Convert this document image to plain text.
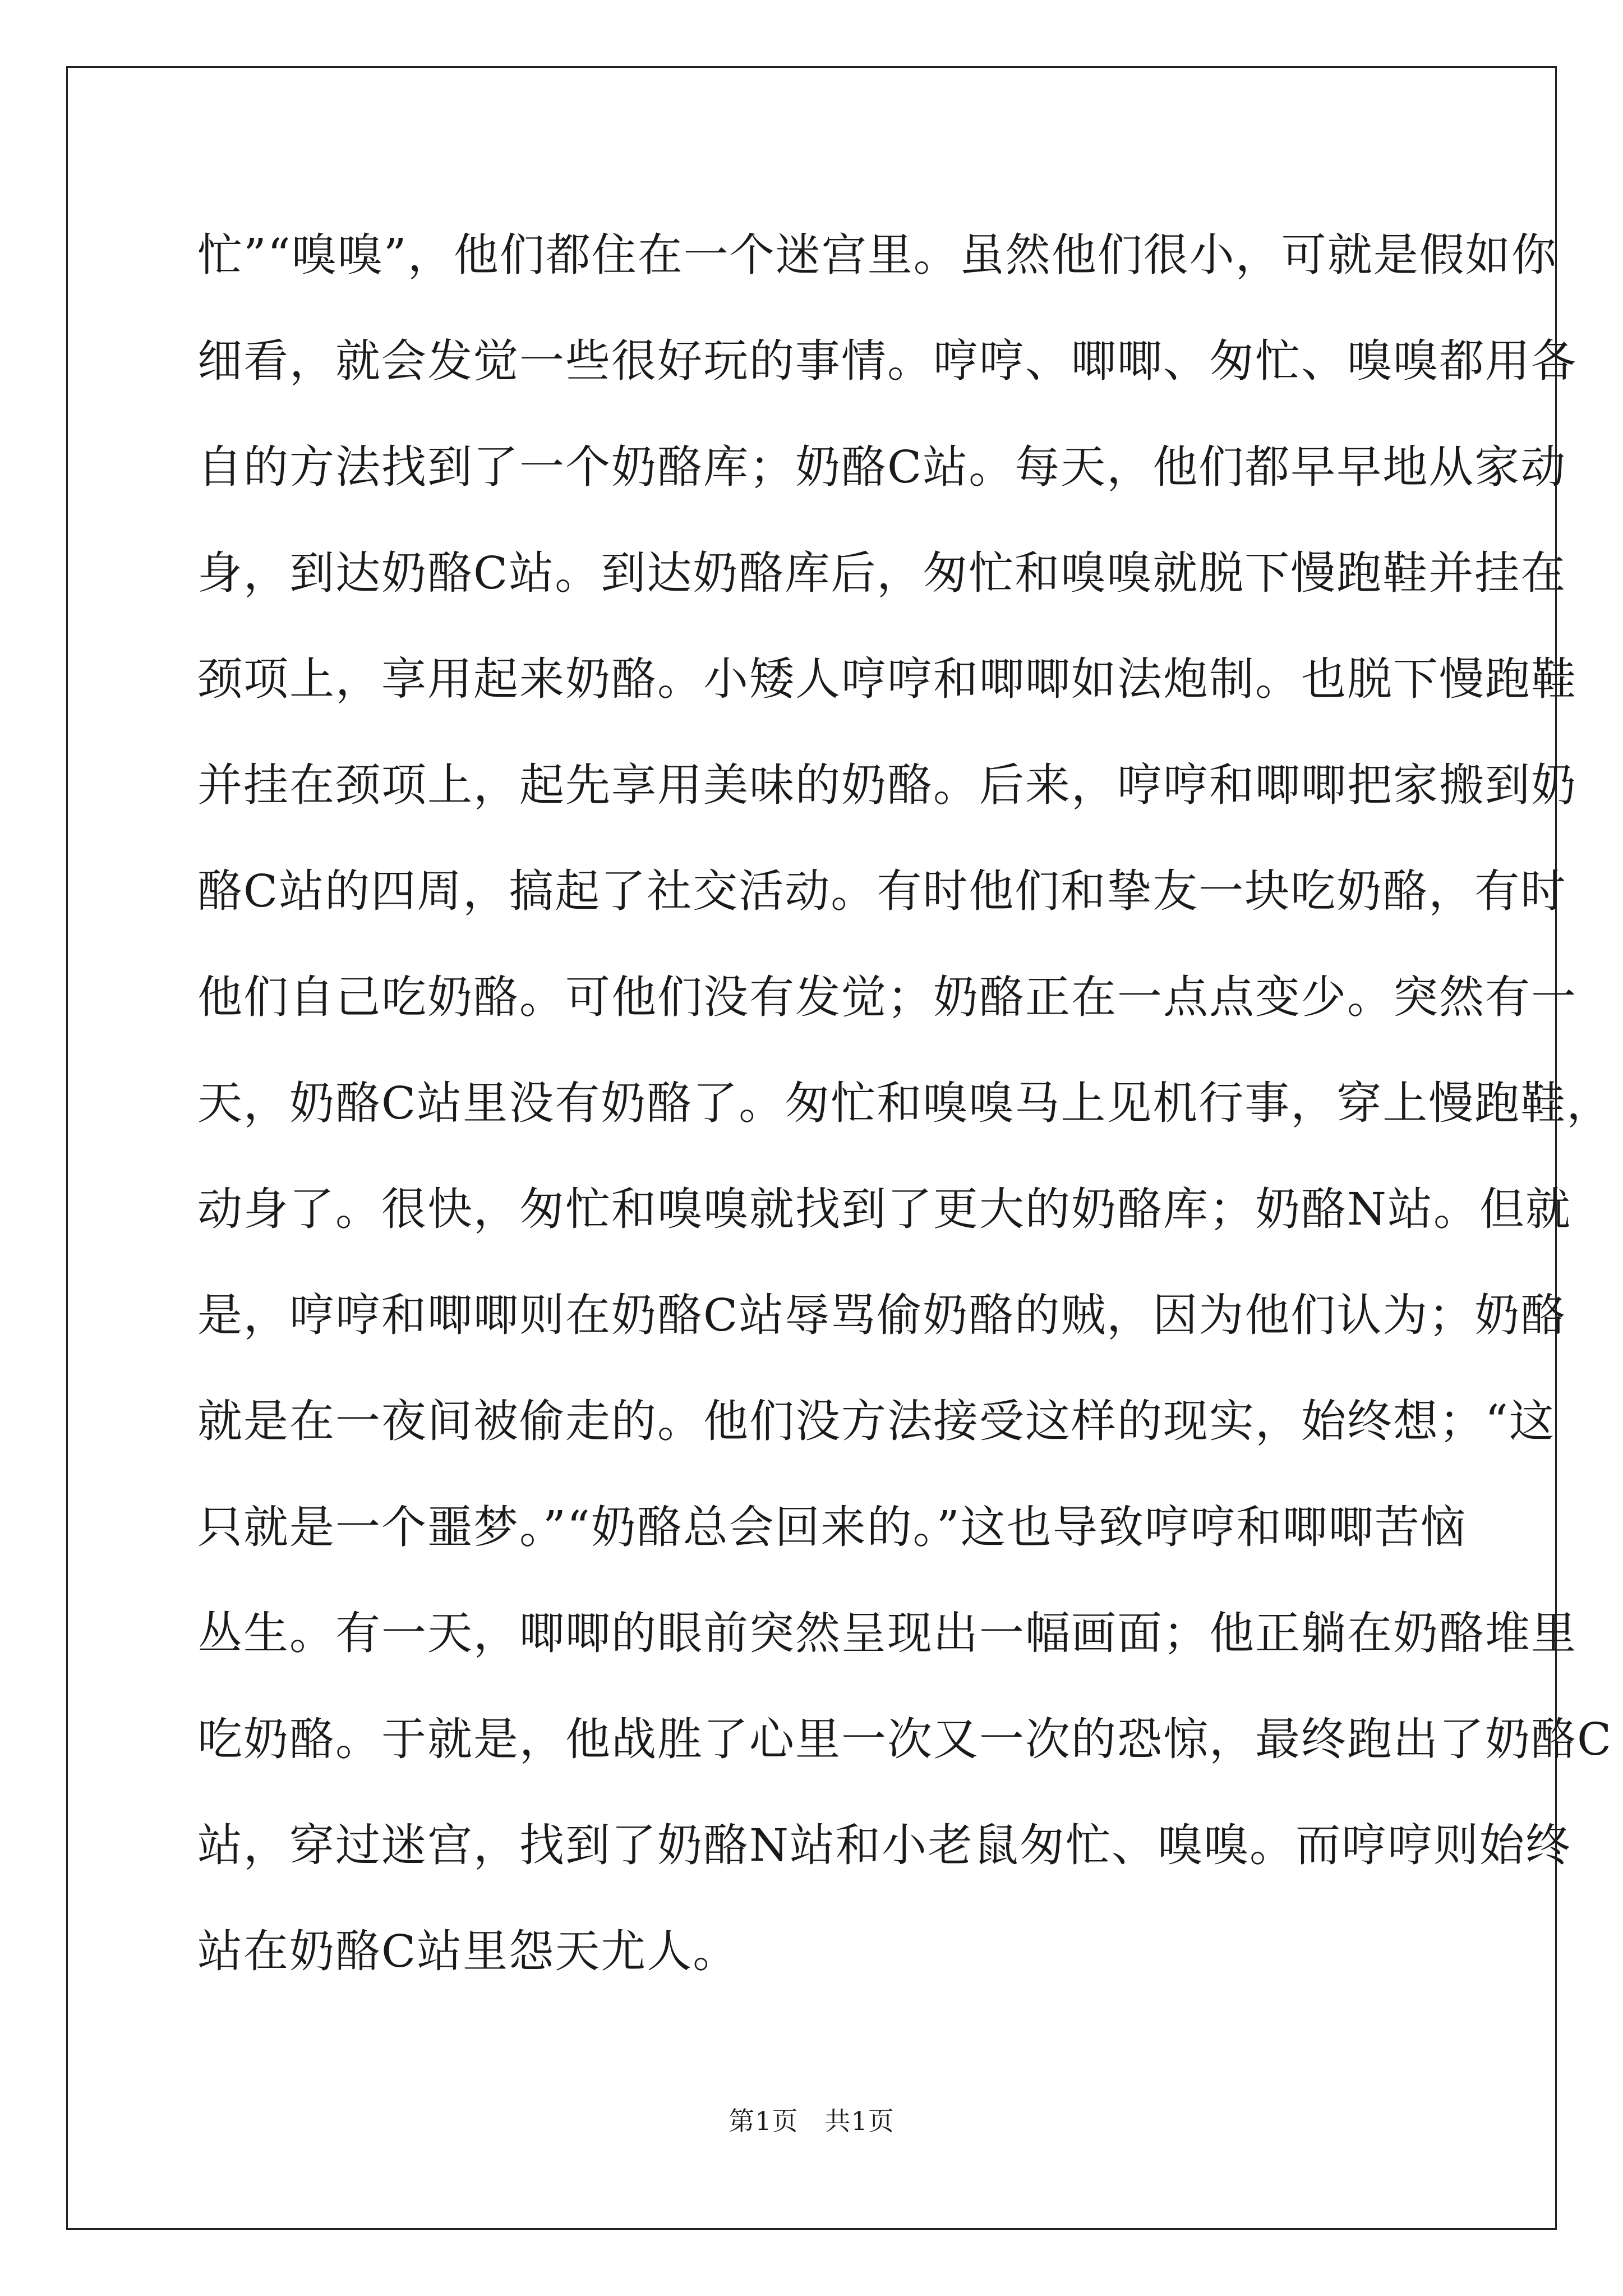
忙”“嗅嗅”，他们都住在一个迷宫里。虽然他们很小，可就是假如你
细看，就会发觉一些很好玩的事情。哼哼、唧唧、匆忙、嗅嗅都用各
自的方法找到了一个奶酪库；奶酪C站。每天，他们都早早地从家动
身，到达奶酪C站。到达奶酪库后，匆忙和嗅嗅就脱下慢跑鞋并挂在
颈项上，享用起来奶酪。小矮人哼哼和唧唧如法炮制。也脱下慢跑鞋
并挂在颈项上，起先享用美味的奶酪。后来，哼哼和唧唧把家搬到奶
酪C站的四周，搞起了社交活动。有时他们和挚友一块吃奶酪，有时
他们自己吃奶酪。可他们没有发觉；奶酪正在一点点变少。突然有一
天，奶酪C站里没有奶酪了。匆忙和嗅嗅马上见机行事，穿上慢跑鞋，
动身了。很快，匆忙和嗅嗅就找到了更大的奶酪库；奶酪N站。但就
是，哼哼和唧唧则在奶酪C站辱骂偷奶酪的贼，因为他们认为；奶酪
就是在一夜间被偷走的。他们没方法接受这样的现实，始终想；“这
只就是一个噩梦。”“奶酪总会回来的。”这也导致哼哼和唧唧苦恼
丛生。有一天，唧唧的眼前突然呈现出一幅画面；他正躺在奶酪堆里
吃奶酪。于就是，他战胜了心里一次又一次的恐惊，最终跑出了奶酪C
站，穿过迷宫，找到了奶酪N站和小老鼠匆忙、嗅嗅。而哼哼则始终
站在奶酪C站里怨天尤人。
第1页　共1页
